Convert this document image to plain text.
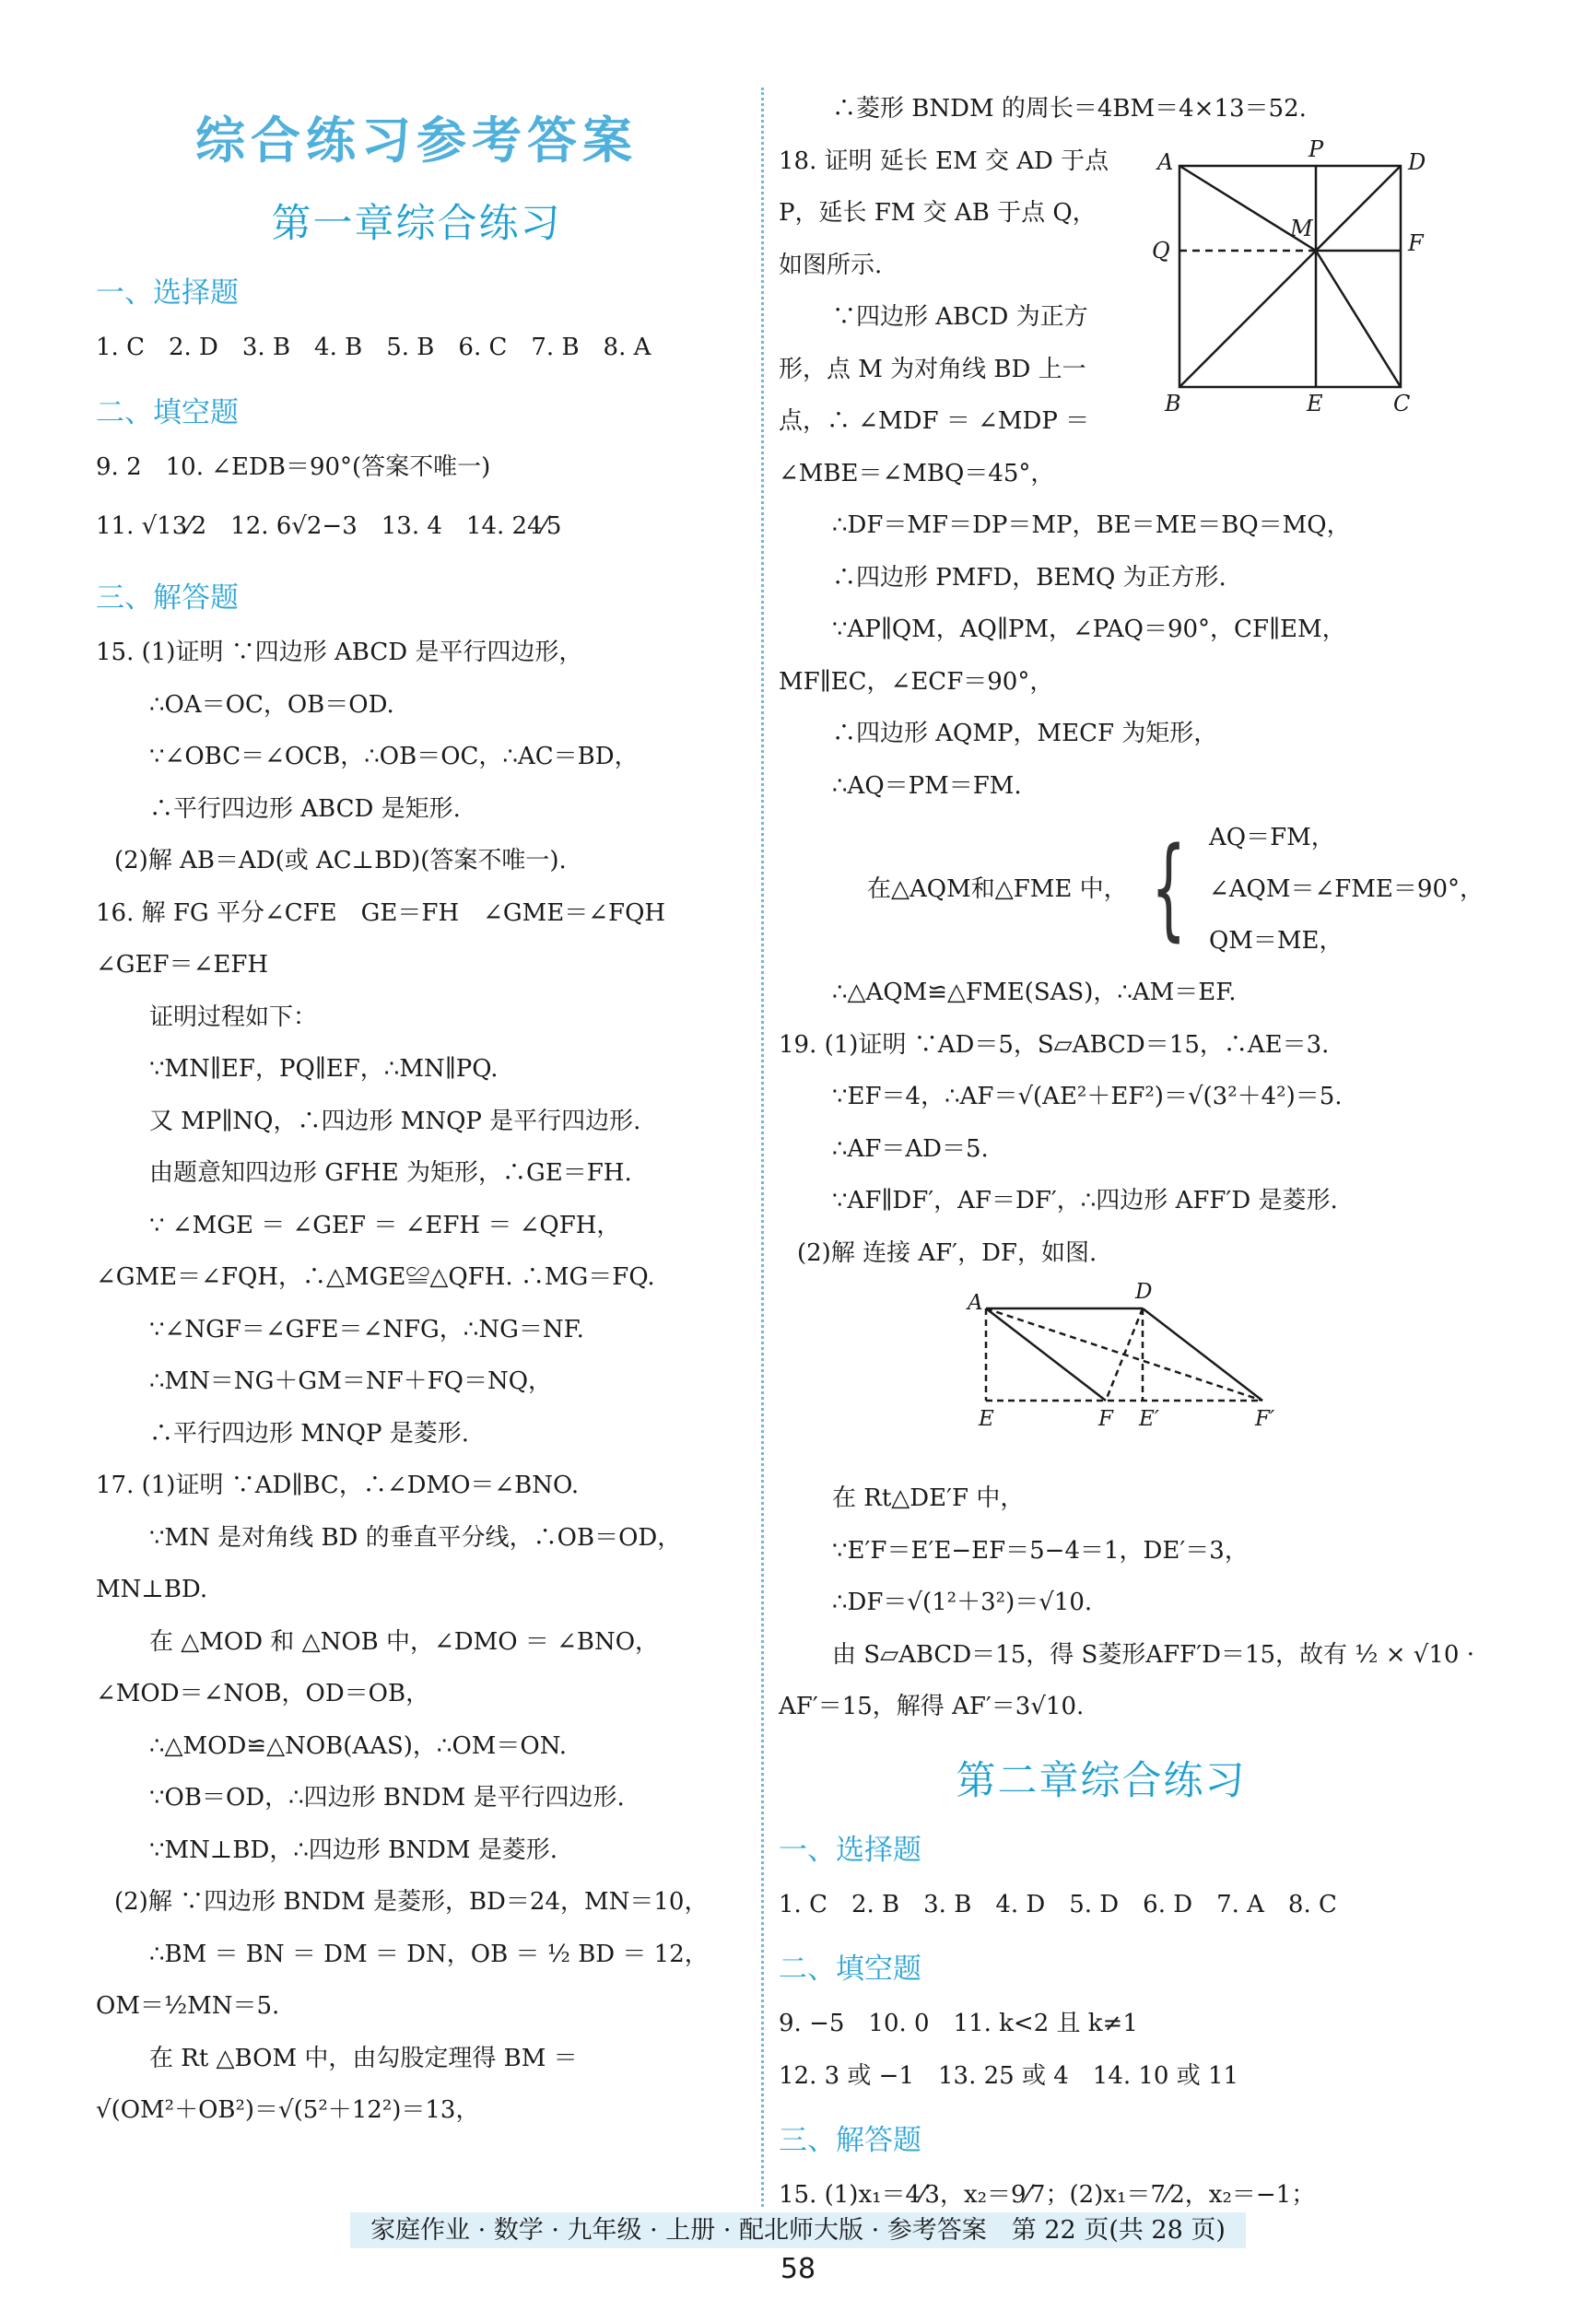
综合练习参考答案
第一章综合练习
一、选择题
1. C　2. D　3. B　4. B　5. B　6. C　7. B　8. A
二、填空题
9. 2　10. ∠EDB＝90°(答案不唯一)
11. √13⁄2　12. 6√2−3　13. 4　14. 24⁄5
三、解答题
15. (1)证明 ∵四边形 ABCD 是平行四边形，
∴OA＝OC，OB＝OD.
∵∠OBC＝∠OCB，∴OB＝OC，∴AC＝BD，
∴平行四边形 ABCD 是矩形.
(2)解 AB＝AD(或 AC⊥BD)(答案不唯一).
16. 解 FG 平分∠CFE　GE＝FH　∠GME＝∠FQH
∠GEF＝∠EFH
证明过程如下：
∵MN∥EF，PQ∥EF，∴MN∥PQ.
又 MP∥NQ，∴四边形 MNQP 是平行四边形.
由题意知四边形 GFHE 为矩形，∴GE＝FH.
∵ ∠MGE ＝ ∠GEF ＝ ∠EFH ＝ ∠QFH，
∠GME＝∠FQH，∴△MGE≌△QFH. ∴MG＝FQ.
∵∠NGF＝∠GFE＝∠NFG，∴NG＝NF.
∴MN＝NG＋GM＝NF＋FQ＝NQ，
∴平行四边形 MNQP 是菱形.
17. (1)证明 ∵AD∥BC，∴∠DMO＝∠BNO.
∵MN 是对角线 BD 的垂直平分线，∴OB＝OD，
MN⊥BD.
在 △MOD 和 △NOB 中，∠DMO ＝ ∠BNO，
∠MOD＝∠NOB，OD＝OB，
∴△MOD≌△NOB(AAS)，∴OM＝ON.
∵OB＝OD，∴四边形 BNDM 是平行四边形.
∵MN⊥BD，∴四边形 BNDM 是菱形.
(2)解 ∵四边形 BNDM 是菱形，BD＝24，MN＝10，
∴BM ＝ BN ＝ DM ＝ DN，OB ＝ ½ BD ＝ 12，
OM＝½MN＝5.
在 Rt △BOM 中，由勾股定理得 BM ＝
√(OM²＋OB²)＝√(5²＋12²)＝13，
∴菱形 BNDM 的周长＝4BM＝4×13＝52.
18. 证明 延长 EM 交 AD 于点
P，延长 FM 交 AB 于点 Q，
如图所示.
∵四边形 ABCD 为正方
形，点 M 为对角线 BD 上一
点，∴ ∠MDF ＝ ∠MDP ＝
∠MBE＝∠MBQ＝45°，
∴DF＝MF＝DP＝MP，BE＝ME＝BQ＝MQ，
∴四边形 PMFD，BEMQ 为正方形.
∵AP∥QM，AQ∥PM，∠PAQ＝90°，CF∥EM，
MF∥EC，∠ECF＝90°，
∴四边形 AQMP，MECF 为矩形，
∴AQ＝PM＝FM.
在△AQM和△FME 中， { AQ＝FM，
∠AQM＝∠FME＝90°，
QM＝ME，
∴△AQM≌△FME(SAS)，∴AM＝EF.
19. (1)证明 ∵AD＝5，S▱ABCD＝15，∴AE＝3.
∵EF＝4，∴AF＝√(AE²＋EF²)＝√(3²＋4²)＝5.
∴AF＝AD＝5.
∵AF∥DF′，AF＝DF′，∴四边形 AFF′D 是菱形.
(2)解 连接 AF′，DF，如图.
在 Rt△DE′F 中，
∵E′F＝E′E−EF＝5−4＝1，DE′＝3，
∴DF＝√(1²＋3²)＝√10.
由 S▱ABCD＝15，得 S菱形AFF′D＝15，故有 ½ × √10 ·
AF′＝15，解得 AF′＝3√10.
第二章综合练习
一、选择题
1. C　2. B　3. B　4. D　5. D　6. D　7. A　8. C
二、填空题
9. −5　10. 0　11. k<2 且 k≠1
12. 3 或 −1　13. 25 或 4　14. 10 或 11
三、解答题
15. (1)x₁＝4⁄3，x₂＝9⁄7；(2)x₁＝7⁄2，x₂＝−1；
A	P	D
M
Q	F
B	E	C
A	D
E	F E′	F′
家庭作业 · 数学 · 九年级 · 上册 · 配北师大版 · 参考答案　第 22 页(共 28 页)
58
